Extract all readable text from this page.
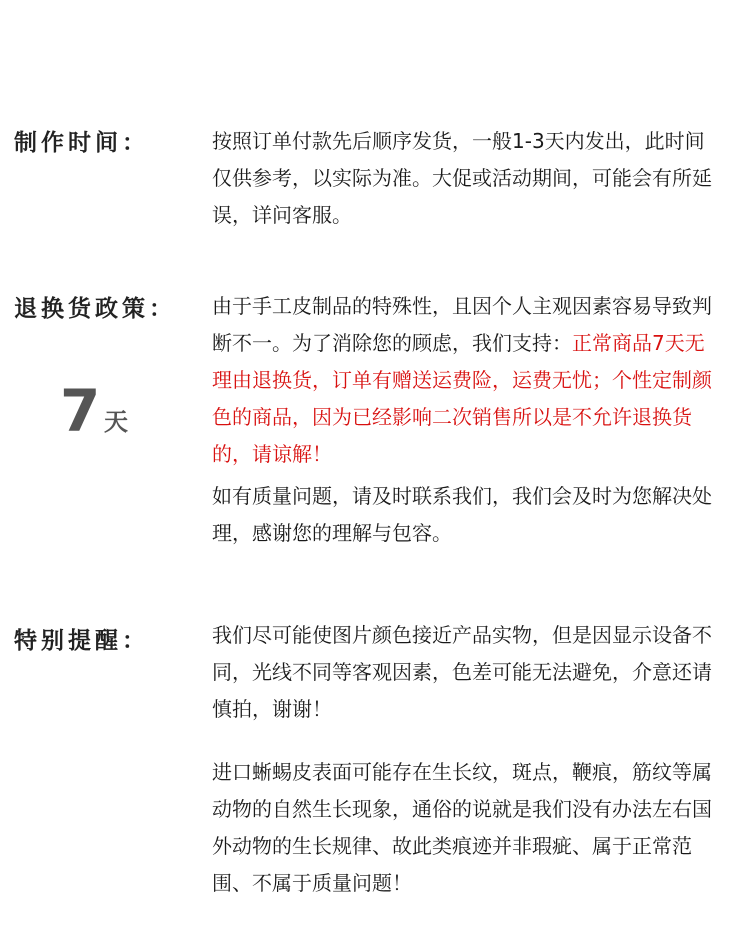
制作时间：	按照订单付款先后顺序发货，一般1-3天内发出，此时间仅供参考，以实际为准。大促或活动期间，可能会有所延误，详问客服。

退换货政策：
7 天

由于手工皮制品的特殊性，且因个人主观因素容易导致判断不一。为了消除您的顾虑，我们支持：正常商品7天无理由退换货，订单有赠送运费险，运费无忧；个性定制颜色的商品，因为已经影响二次销售所以是不允许退换货的，请谅解！

如有质量问题，请及时联系我们，我们会及时为您解决处理，感谢您的理解与包容。

特别提醒：	我们尽可能使图片颜色接近产品实物，但是因显示设备不同，光线不同等客观因素，色差可能无法避免，介意还请慎拍，谢谢！

进口蜥蜴皮表面可能存在生长纹，斑点，鞭痕，筋纹等属动物的自然生长现象，通俗的说就是我们没有办法左右国外动物的生长规律、故此类痕迹并非瑕疵、属于正常范围、不属于质量问题！
